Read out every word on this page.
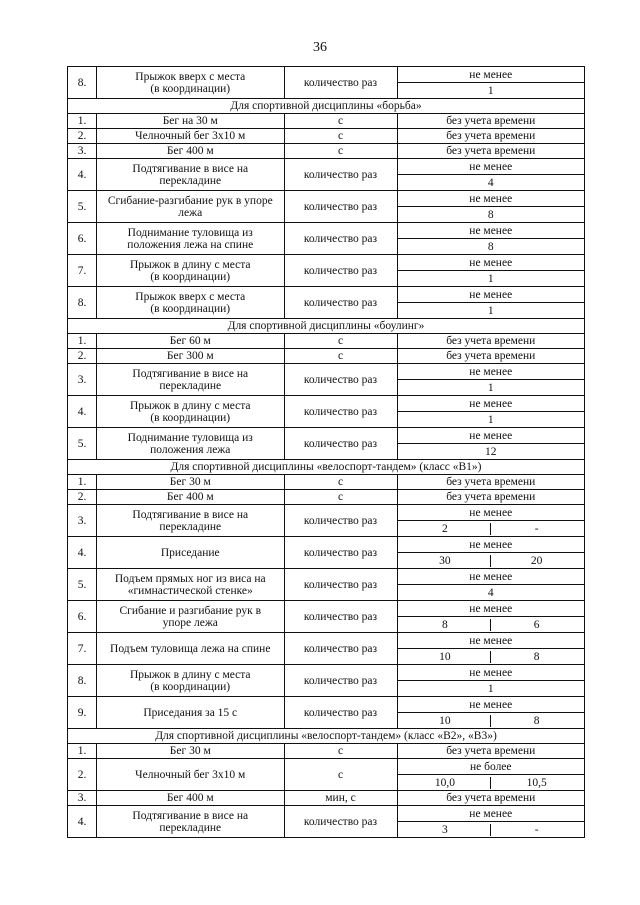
36
8.	Прыжок вверх с места
(в координации)	количество раз	не менее
			1
Для спортивной дисциплины «борьба»			
1.	Бег на 30 м	с	без учета времени
2.	Челночный бег 3х10 м	с	без учета времени
3.	Бег 400 м	с	без учета времени
4.	Подтягивание в висе на
перекладине	количество раз	не менее
			4
5.	Сгибание-разгибание рук в упоре
лежа	количество раз	не менее
			8
6.	Поднимание туловища из
положения лежа на спине	количество раз	не менее
			8
7.	Прыжок в длину с места
(в координации)	количество раз	не менее
			1
8.	Прыжок вверх с места
(в координации)	количество раз	не менее
			1
Для спортивной дисциплины «боулинг»			
1.	Бег 60 м	с	без учета времени
2.	Бег 300 м	с	без учета времени
3.	Подтягивание в висе на
перекладине	количество раз	не менее
			1
4.	Прыжок в длину с места
(в координации)	количество раз	не менее
			1
5.	Поднимание туловища из
положения лежа	количество раз	не менее
			12
Для спортивной дисциплины «велоспорт-тандем» (класс «В1»)			
1.	Бег 30 м	с	без учета времени
2.	Бег 400 м	с	без учета времени
3.	Подтягивание в висе на
перекладине	количество раз	не менее

			2 -

4.	Приседание	количество раз	не менее

			30 20

5.	Подъем прямых ног из виса на
«гимнастической стенке»	количество раз	не менее
			4
6.	Сгибание и разгибание рук в
упоре лежа	количество раз	не менее

			8 6

7.	Подъем туловища лежа на спине	количество раз	не менее

			10 8

8.	Прыжок в длину с места
(в координации)	количество раз	не менее
			1
9.	Приседания за 15 с	количество раз	не менее

			10 8

Для спортивной дисциплины «велоспорт-тандем» (класс «В2», «В3»)			
1.	Бег 30 м	с	без учета времени
2.	Челночный бег 3х10 м	с	не более

			10,0 10,5

3.	Бег 400 м	мин, с	без учета времени
4.	Подтягивание в висе на
перекладине	количество раз	не менее

			3 -
